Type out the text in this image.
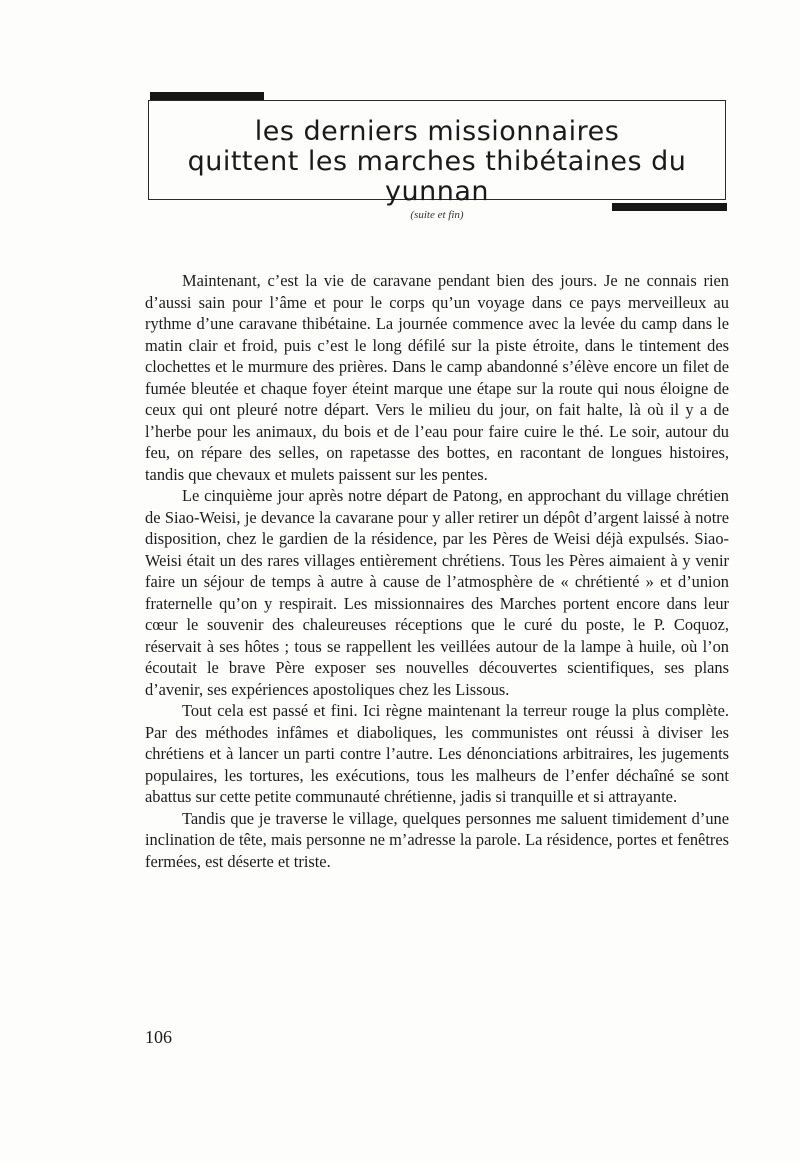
les derniers missionnaires
quittent les marches thibétaines du yunnan
(suite et fin)

Maintenant, c’est la vie de caravane pendant bien des jours. Je ne connais rien d’aussi sain pour l’âme et pour le corps qu’un voyage dans ce pays merveilleux au rythme d’une caravane thibétaine. La journée commence avec la levée du camp dans le matin clair et froid, puis c’est le long défilé sur la piste étroite, dans le tintement des clochettes et le murmure des prières. Dans le camp abandonné s’élève encore un filet de fumée bleutée et chaque foyer éteint marque une étape sur la route qui nous éloigne de ceux qui ont pleuré notre départ. Vers le milieu du jour, on fait halte, là où il y a de l’herbe pour les animaux, du bois et de l’eau pour faire cuire le thé. Le soir, autour du feu, on répare des selles, on rapetasse des bottes, en racontant de longues histoires, tandis que chevaux et mulets paissent sur les pentes.

Le cinquième jour après notre départ de Patong, en approchant du village chrétien de Siao-Weisi, je devance la cavarane pour y aller retirer un dépôt d’argent laissé à notre disposition, chez le gardien de la résidence, par les Pères de Weisi déjà expulsés. Siao-Weisi était un des rares villages entièrement chrétiens. Tous les Pères aimaient à y venir faire un séjour de temps à autre à cause de l’atmosphère de « chrétienté » et d’union fraternelle qu’on y respirait. Les missionnaires des Marches portent encore dans leur cœur le souvenir des chaleureuses réceptions que le curé du poste, le P. Coquoz, réservait à ses hôtes ; tous se rappellent les veillées autour de la lampe à huile, où l’on écoutait le brave Père exposer ses nouvelles découvertes scientifiques, ses plans d’avenir, ses expériences apostoliques chez les Lissous.

Tout cela est passé et fini. Ici règne maintenant la terreur rouge la plus complète. Par des méthodes infâmes et diaboliques, les communistes ont réussi à diviser les chrétiens et à lancer un parti contre l’autre. Les dénonciations arbitraires, les jugements populaires, les tortures, les exécutions, tous les malheurs de l’enfer déchaîné se sont abattus sur cette petite communauté chrétienne, jadis si tranquille et si attrayante.

Tandis que je traverse le village, quelques personnes me saluent timidement d’une inclination de tête, mais personne ne m’adresse la parole. La résidence, portes et fenêtres fermées, est déserte et triste.

106
